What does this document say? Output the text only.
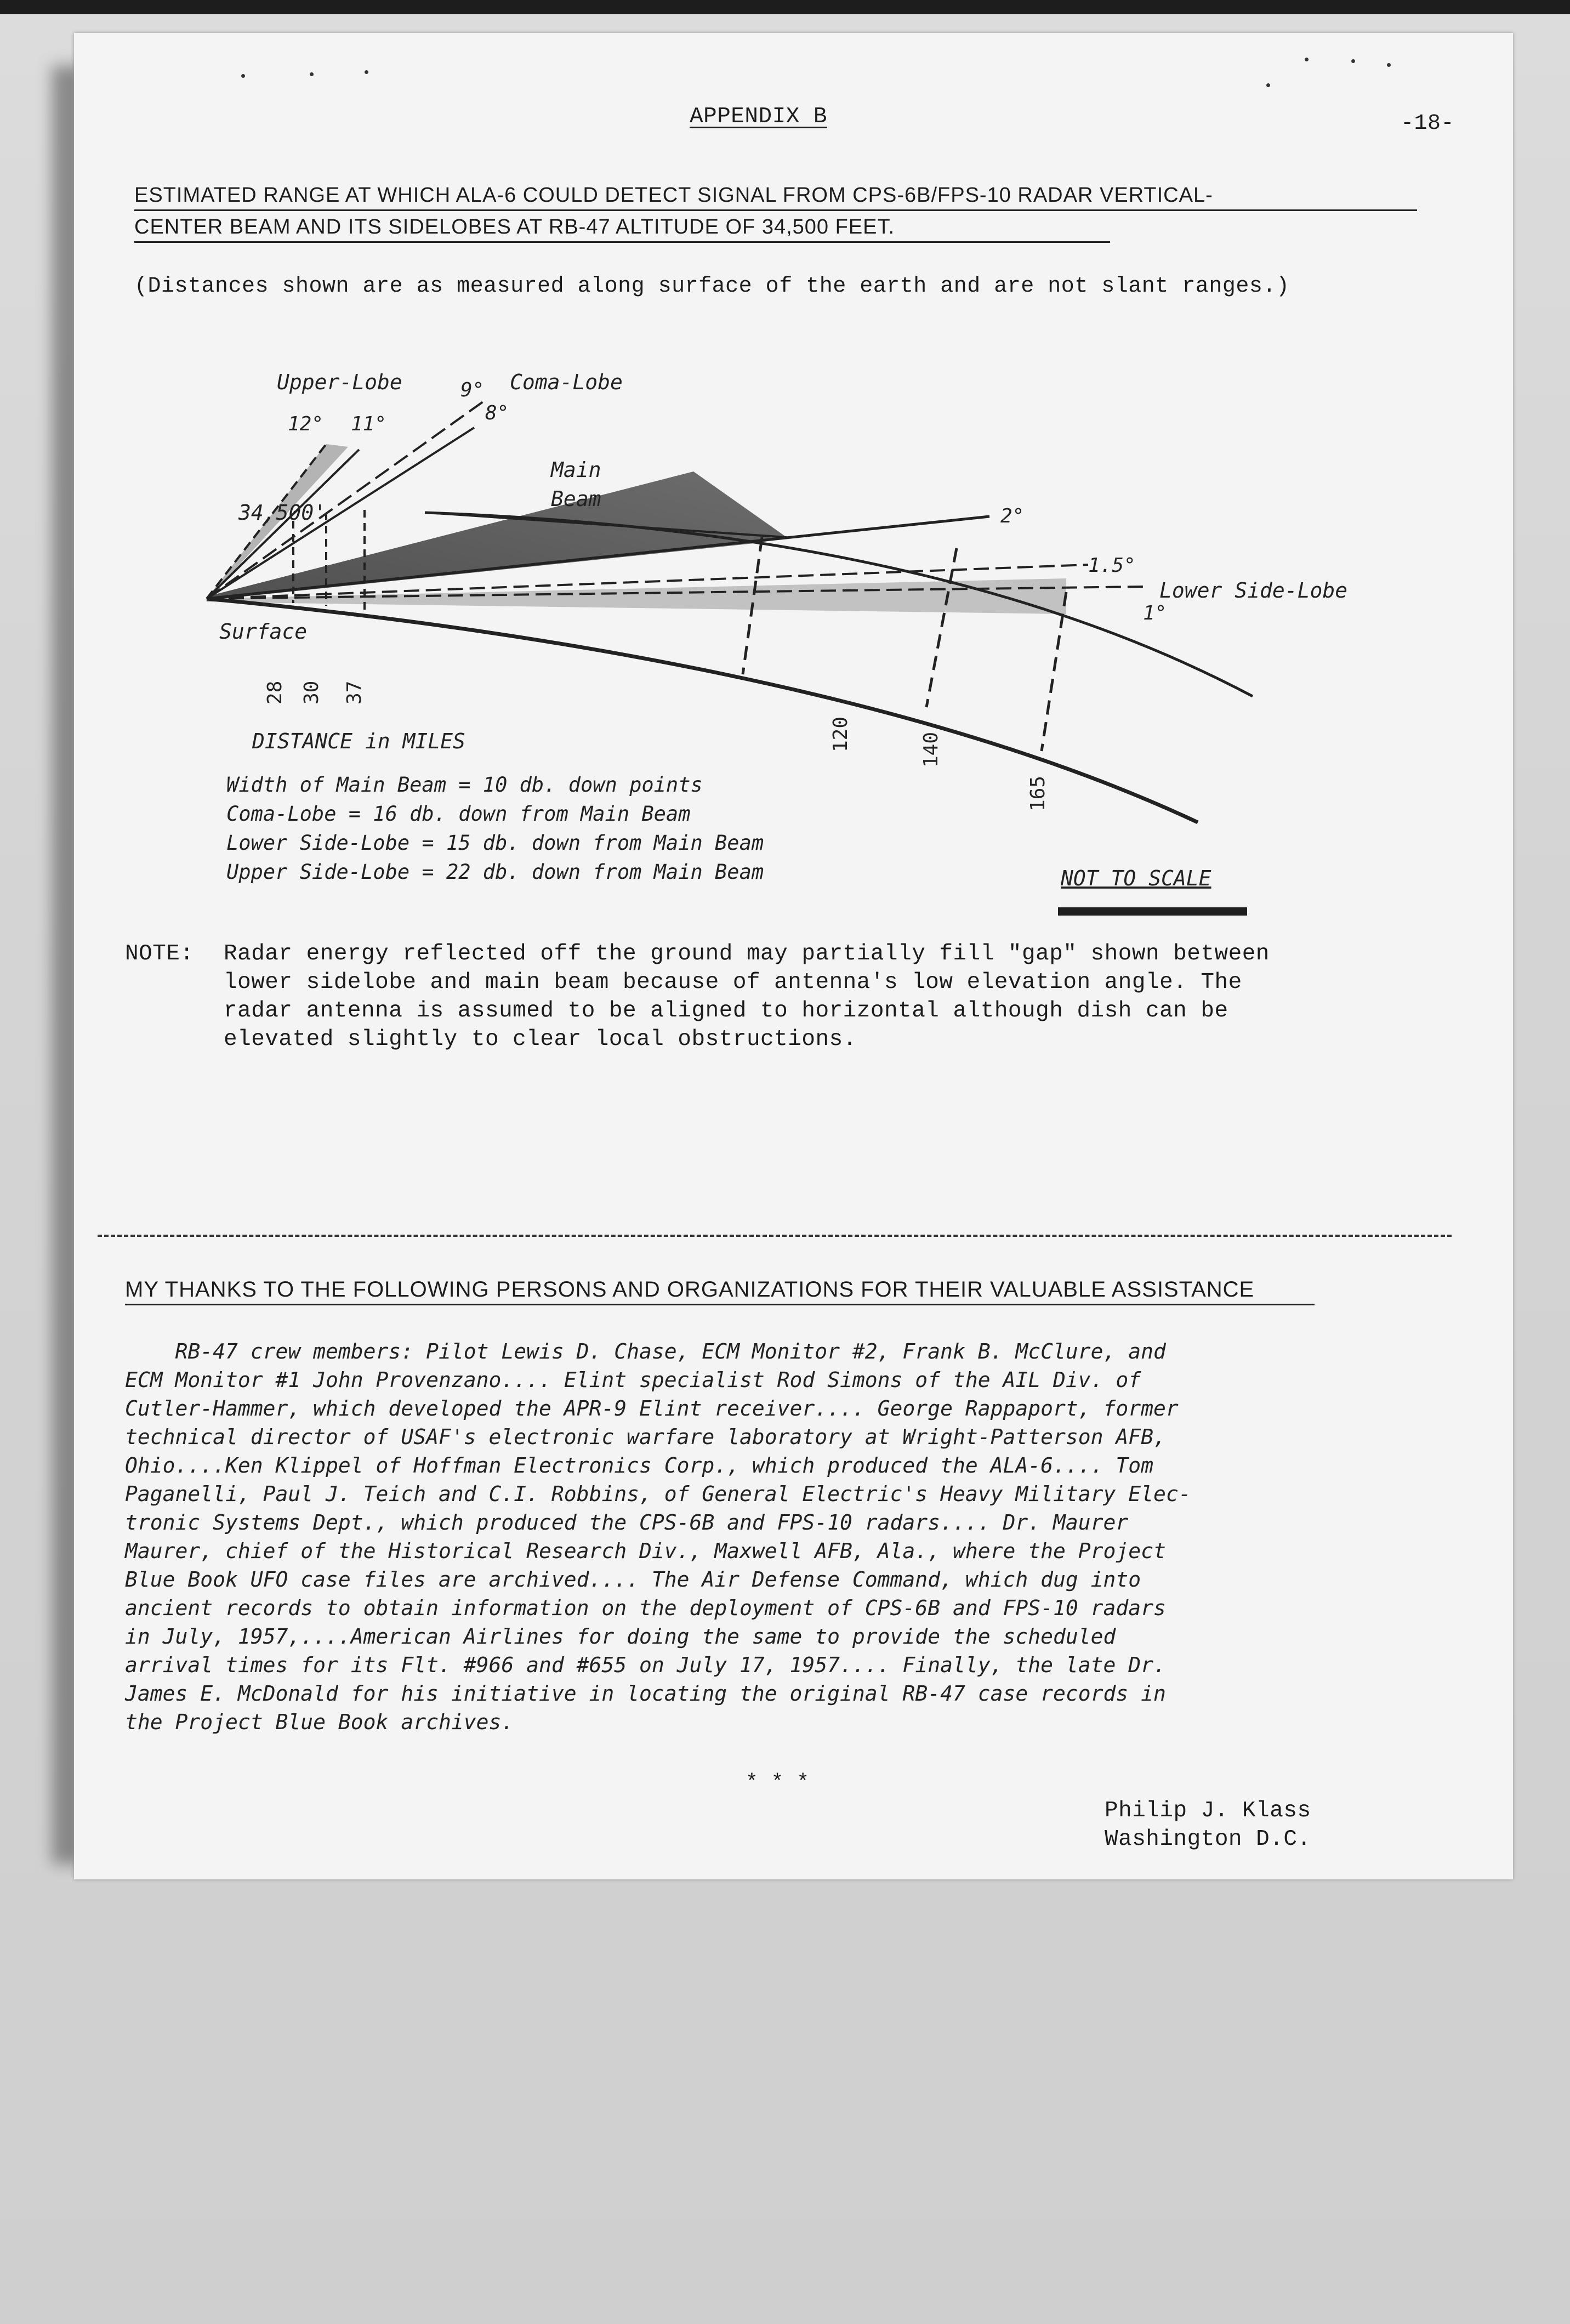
APPENDIX B	-18-
ESTIMATED RANGE AT WHICH ALA-6 COULD DETECT SIGNAL FROM CPS-6B/FPS-10 RADAR VERTICAL-
CENTER BEAM AND ITS SIDELOBES AT RB-47 ALTITUDE OF 34,500 FEET.
(Distances shown are as measured along surface of the earth and are not slant ranges.)
Upper-Lobe	Coma-Lobe
9°
12° 11°	8°
Main
Beam
34,500'	2°
1.5°
Lower Side-Lobe
1°
Surface
28 30 37
120	140
165
DISTANCE in MILES
NOT TO SCALE
Width of Main Beam = 10 db. down points
Coma-Lobe = 16 db. down from Main Beam
Lower Side-Lobe = 15 db. down from Main Beam
Upper Side-Lobe = 22 db. down from Main Beam
NOTE: Radar energy reflected off the ground may partially fill "gap" shown between
lower sidelobe and main beam because of antenna's low elevation angle. The
radar antenna is assumed to be aligned to horizontal although dish can be
elevated slightly to clear local obstructions.
MY THANKS TO THE FOLLOWING PERSONS AND ORGANIZATIONS FOR THEIR VALUABLE ASSISTANCE
RB-47 crew members: Pilot Lewis D. Chase, ECM Monitor #2, Frank B. McClure, and
ECM Monitor #1 John Provenzano.... Elint specialist Rod Simons of the AIL Div. of
Cutler-Hammer, which developed the APR-9 Elint receiver.... George Rappaport, former
technical director of USAF's electronic warfare laboratory at Wright-Patterson AFB,
Ohio....Ken Klippel of Hoffman Electronics Corp., which produced the ALA-6.... Tom
Paganelli, Paul J. Teich and C.I. Robbins, of General Electric's Heavy Military Elec-
tronic Systems Dept., which produced the CPS-6B and FPS-10 radars.... Dr. Maurer
Maurer, chief of the Historical Research Div., Maxwell AFB, Ala., where the Project
Blue Book UFO case files are archived.... The Air Defense Command, which dug into
ancient records to obtain information on the deployment of CPS-6B and FPS-10 radars
in July, 1957,....American Airlines for doing the same to provide the scheduled
arrival times for its Flt. #966 and #655 on July 17, 1957.... Finally, the late Dr.
James E. McDonald for his initiative in locating the original RB-47 case records in
the Project Blue Book archives.
* * *
Philip J. Klass
Washington D.C.
